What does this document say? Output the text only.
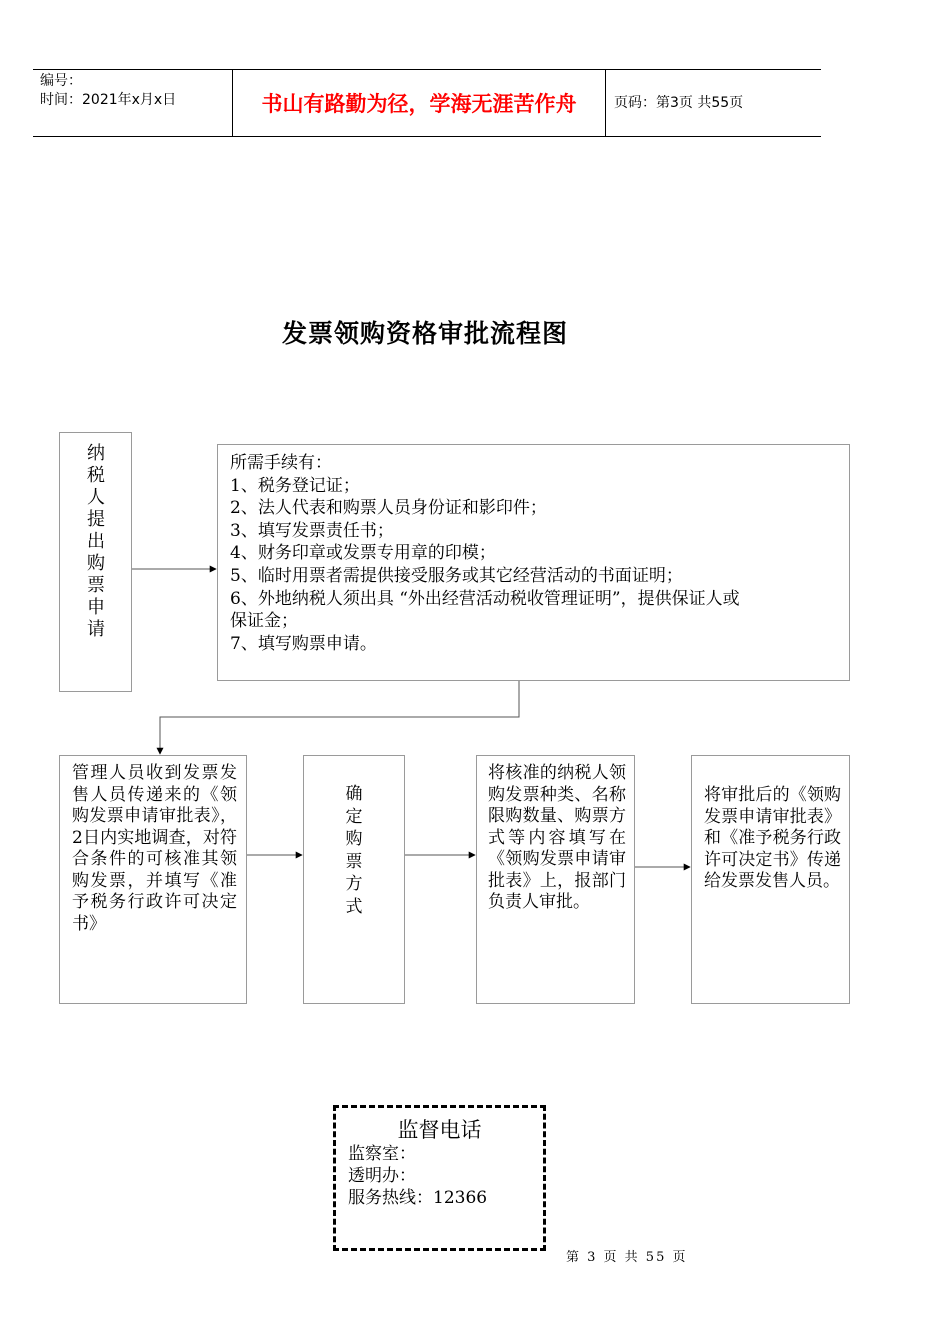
编号：
时间：2021年x月x日	书山有路勤为径，学海无涯苦作舟	页码：第3页 共55页
发票领购资格审批流程图
纳税人提出购票申请
所需手续有：
1、税务登记证；
2、法人代表和购票人员身份证和影印件；
3、填写发票责任书；
4、财务印章或发票专用章的印模；
5、临时用票者需提供接受服务或其它经营活动的书面证明；
6、外地纳税人须出具 “外出经营活动税收管理证明”，提供保证人或
保证金；
7、填写购票申请。
管理人员收到发票发售人员传递来的《领购发票申请审批表》，2日内实地调查，对符合条件的可核准其领购发票，并填写《准予税务行政许可决定书》
确定购票方式
将核准的纳税人领购发票种类、名称限购数量、购票方式等内容填写在《领购发票申请审批表》上，报部门负责人审批。
将审批后的《领购发票申请审批表》和《准予税务行政许可决定书》传递给发票发售人员。
监督电话
监察室：
透明办：
服务热线：12366
第 3 页 共 55 页
